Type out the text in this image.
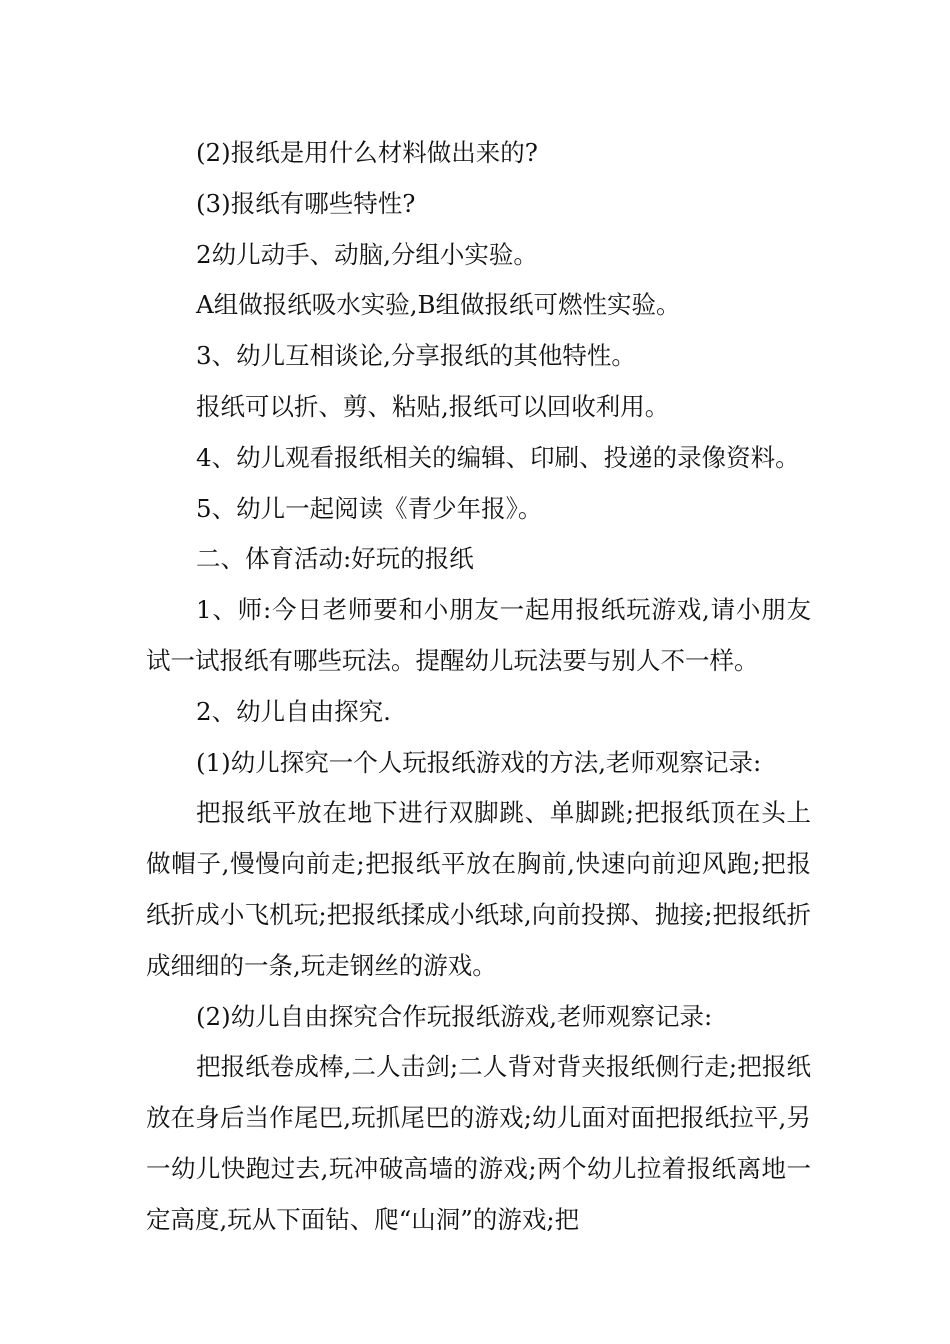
(2)报纸是用什么材料做出来的?

(3)报纸有哪些特性?

2幼儿动手、动脑,分组小实验。

A组做报纸吸水实验,B组做报纸可燃性实验。

3、幼儿互相谈论,分享报纸的其他特性。

报纸可以折、剪、粘贴,报纸可以回收利用。

4、幼儿观看报纸相关的编辑、印刷、投递的录像资料。

5、幼儿一起阅读《青少年报》。

二、体育活动:好玩的报纸

1、师:今日老师要和小朋友一起用报纸玩游戏,请小朋友试一试报纸有哪些玩法。提醒幼儿玩法要与别人不一样。

2、幼儿自由探究.

(1)幼儿探究一个人玩报纸游戏的方法,老师观察记录:

把报纸平放在地下进行双脚跳、单脚跳;把报纸顶在头上做帽子,慢慢向前走;把报纸平放在胸前,快速向前迎风跑;把报纸折成小飞机玩;把报纸揉成小纸球,向前投掷、抛接;把报纸折成细细的一条,玩走钢丝的游戏。

(2)幼儿自由探究合作玩报纸游戏,老师观察记录:

把报纸卷成棒,二人击剑;二人背对背夹报纸侧行走;把报纸放在身后当作尾巴,玩抓尾巴的游戏;幼儿面对面把报纸拉平,另一幼儿快跑过去,玩冲破高墙的游戏;两个幼儿拉着报纸离地一定高度,玩从下面钻、爬“山洞”的游戏;把
